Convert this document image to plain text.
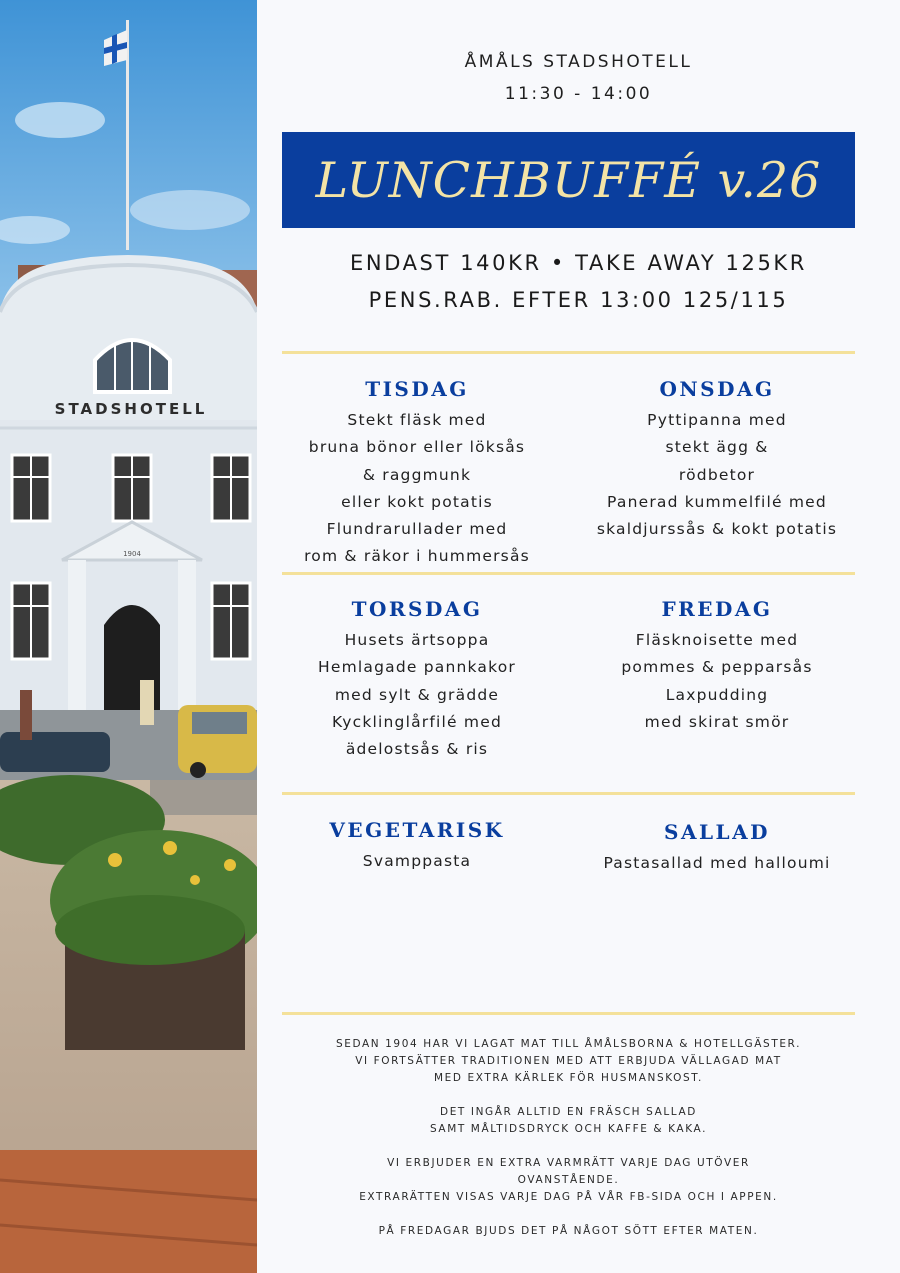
STADSHOTELL
1904
ÅMÅLS STADSHOTELL
11:30 - 14:00
LUNCHBUFFÉ v.26
ENDAST 140KR • TAKE AWAY 125KR
PENS.RAB. EFTER 13:00 125/115
TISDAG
Stekt fläsk med
bruna bönor eller löksås
& raggmunk
eller kokt potatis
Flundrarullader med
rom & räkor i hummersås
ONSDAG
Pyttipanna med
stekt ägg &
rödbetor
Panerad kummelfilé med
skaldjurssås & kokt potatis
TORSDAG
Husets ärtsoppa
Hemlagade pannkakor
med sylt & grädde
Kycklinglårfilé med
ädelostsås & ris
FREDAG
Fläsknoisette med
pommes & pepparsås
Laxpudding
med skirat smör
VEGETARISK
Svamppasta
SALLAD
Pastasallad med halloumi

SEDAN 1904 HAR VI LAGAT MAT TILL ÅMÅLSBORNA & HOTELLGÄSTER.
VI FORTSÄTTER TRADITIONEN MED ATT ERBJUDA VÄLLAGAD MAT
MED EXTRA KÄRLEK FÖR HUSMANSKOST.

DET INGÅR ALLTID EN FRÄSCH SALLAD
SAMT MÅLTIDSDRYCK OCH KAFFE & KAKA.

VI ERBJUDER EN EXTRA VARMRÄTT VARJE DAG UTÖVER
OVANSTÅENDE.
EXTRARÄTTEN VISAS VARJE DAG PÅ VÅR FB-SIDA OCH I APPEN.

PÅ FREDAGAR BJUDS DET PÅ NÅGOT SÖTT EFTER MATEN.
